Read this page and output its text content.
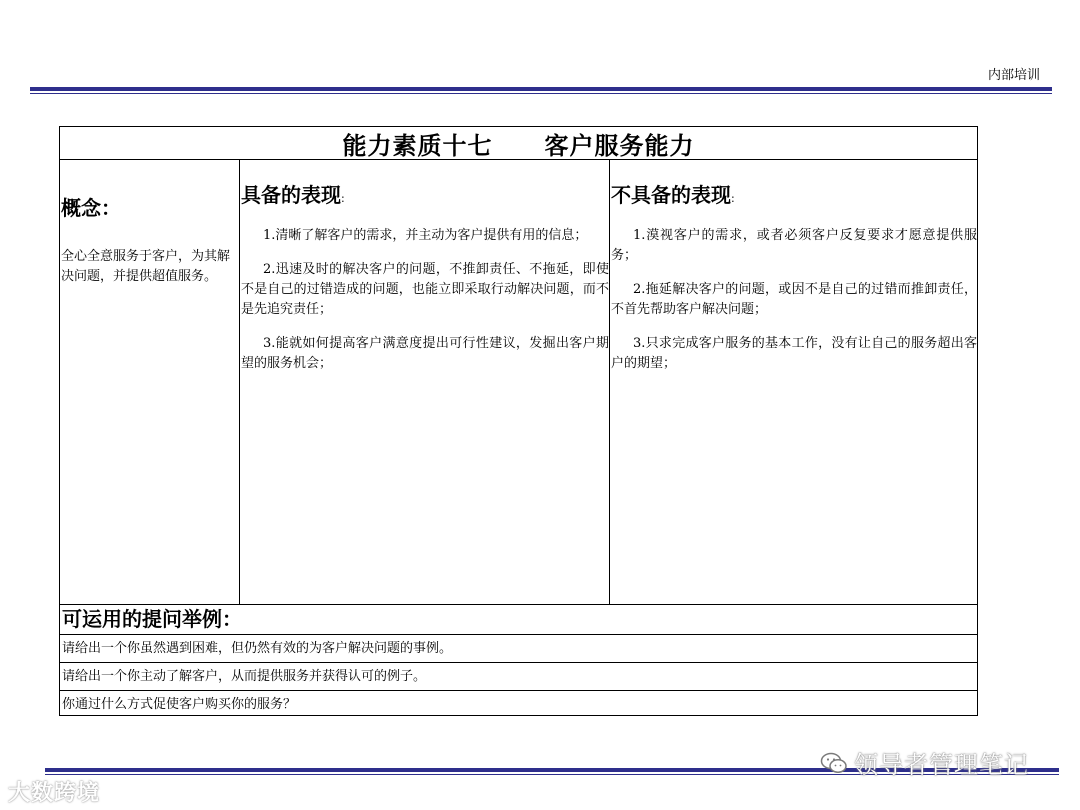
内部培训
能力素质十七 客户服务能力
概念：
全心全意服务于客户，为其解决问题，并提供超值服务。
具备的表现:

1.清晰了解客户的需求，并主动为客户提供有用的信息；

2.迅速及时的解决客户的问题，不推卸责任、不拖延，即使不是自己的过错造成的问题，也能立即采取行动解决问题，而不是先追究责任；

3.能就如何提高客户满意度提出可行性建议，发掘出客户期望的服务机会；

不具备的表现:

1.漠视客户的需求，或者必须客户反复要求才愿意提供服务；

2.拖延解决客户的问题，或因不是自己的过错而推卸责任，不首先帮助客户解决问题；

3.只求完成客户服务的基本工作，没有让自己的服务超出客户的期望；

可运用的提问举例：
请给出一个你虽然遇到困难，但仍然有效的为客户解决问题的事例。
请给出一个你主动了解客户，从而提供服务并获得认可的例子。
你通过什么方式促使客户购买你的服务？
大数跨境
领导者管理笔记
